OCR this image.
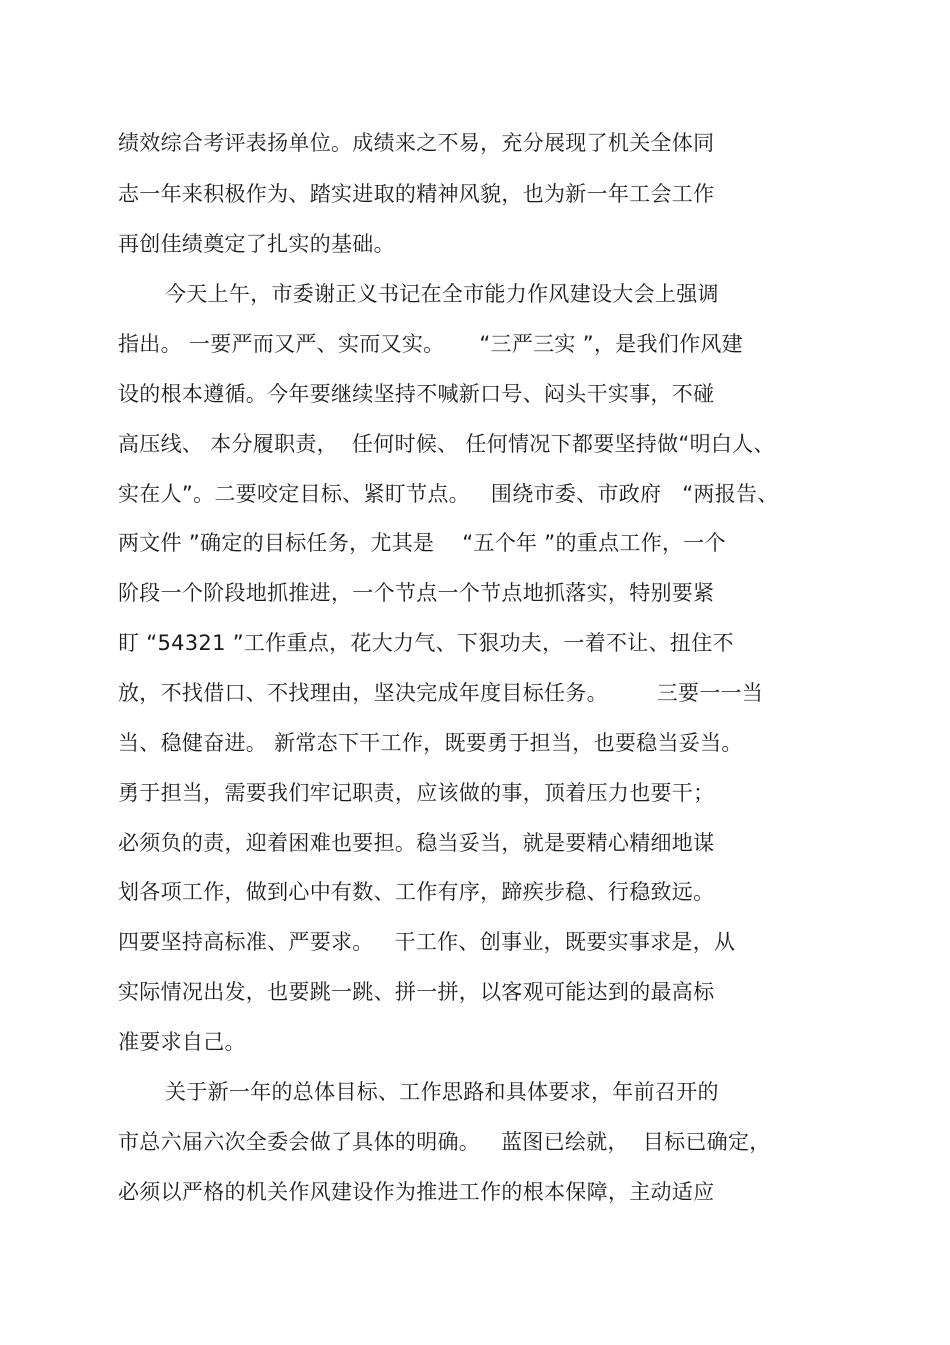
绩效综合考评表扬单位。成绩来之不易，充分展现了机关全体同
志一年来积极作为、踏实进取的精神风貌，也为新一年工会工作
再创佳绩奠定了扎实的基础。
今天上午，市委谢正义书记在全市能力作风建设大会上强调
指出。 一要严而又严、实而又实。     “三严三实 ”，是我们作风建
设的根本遵循。今年要继续坚持不喊新口号、闷头干实事，不碰
高压线、 本分履职责，  任何时候、 任何情况下都要坚持做“明白人、
实在人”。二要咬定目标、紧盯节点。   围绕市委、市政府   “两报告、
两文件 ”确定的目标任务，尤其是    “五个年 ”的重点工作，一个
阶段一个阶段地抓推进，一个节点一个节点地抓落实，特别要紧
盯 “54321 ”工作重点，花大力气、下狠功夫，一着不让、扭住不
放，不找借口、不找理由，坚决完成年度目标任务。       三要一一当
当、稳健奋进。 新常态下干工作，既要勇于担当，也要稳当妥当。
勇于担当，需要我们牢记职责，应该做的事，顶着压力也要干；
必须负的责，迎着困难也要担。稳当妥当，就是要精心精细地谋
划各项工作，做到心中有数、工作有序，蹄疾步稳、行稳致远。
四要坚持高标准、严要求。   干工作、创事业，既要实事求是，从
实际情况出发，也要跳一跳、拼一拼，以客观可能达到的最高标
准要求自己。
关于新一年的总体目标、工作思路和具体要求，年前召开的
市总六届六次全委会做了具体的明确。   蓝图已绘就，  目标已确定，
必须以严格的机关作风建设作为推进工作的根本保障，主动适应
